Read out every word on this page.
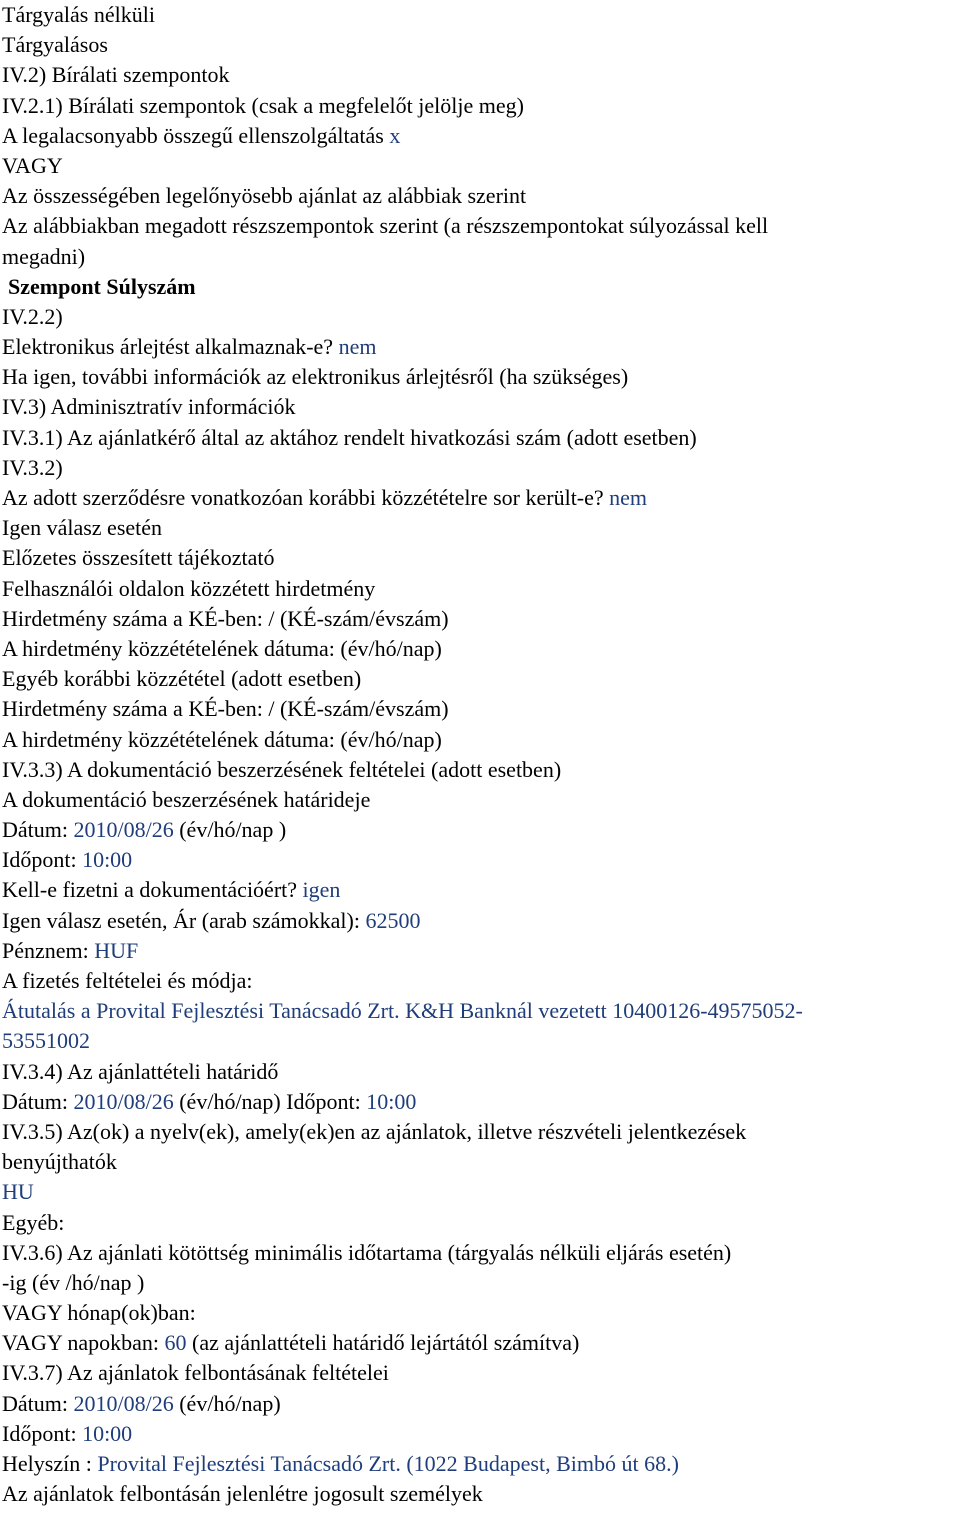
Tárgyalás nélküli
Tárgyalásos
IV.2) Bírálati szempontok
IV.2.1) Bírálati szempontok (csak a megfelelőt jelölje meg)
A legalacsonyabb összegű ellenszolgáltatás x
VAGY
Az összességében legelőnyösebb ajánlat az alábbiak szerint
Az alábbiakban megadott részszempontok szerint (a részszempontokat súlyozással kell
megadni)
Szempont Súlyszám
IV.2.2)
Elektronikus árlejtést alkalmaznak-e? nem
Ha igen, további információk az elektronikus árlejtésről (ha szükséges)
IV.3) Adminisztratív információk
IV.3.1) Az ajánlatkérő által az aktához rendelt hivatkozási szám (adott esetben)
IV.3.2)
Az adott szerződésre vonatkozóan korábbi közzétételre sor került-e? nem
Igen válasz esetén
Előzetes összesített tájékoztató
Felhasználói oldalon közzétett hirdetmény
Hirdetmény száma a KÉ-ben: / (KÉ-szám/évszám)
A hirdetmény közzétételének dátuma: (év/hó/nap)
Egyéb korábbi közzététel (adott esetben)
Hirdetmény száma a KÉ-ben: / (KÉ-szám/évszám)
A hirdetmény közzétételének dátuma: (év/hó/nap)
IV.3.3) A dokumentáció beszerzésének feltételei (adott esetben)
A dokumentáció beszerzésének határideje
Dátum: 2010/08/26 (év/hó/nap )
Időpont: 10:00
Kell-e fizetni a dokumentációért? igen
Igen válasz esetén, Ár (arab számokkal): 62500
Pénznem: HUF
A fizetés feltételei és módja:
Átutalás a Provital Fejlesztési Tanácsadó Zrt. K&H Banknál vezetett 10400126-49575052-
53551002
IV.3.4) Az ajánlattételi határidő
Dátum: 2010/08/26 (év/hó/nap) Időpont: 10:00
IV.3.5) Az(ok) a nyelv(ek), amely(ek)en az ajánlatok, illetve részvételi jelentkezések
benyújthatók
HU
Egyéb:
IV.3.6) Az ajánlati kötöttség minimális időtartama (tárgyalás nélküli eljárás esetén)
-ig (év /hó/nap )
VAGY hónap(ok)ban:
VAGY napokban: 60 (az ajánlattételi határidő lejártától számítva)
IV.3.7) Az ajánlatok felbontásának feltételei
Dátum: 2010/08/26 (év/hó/nap)
Időpont: 10:00
Helyszín : Provital Fejlesztési Tanácsadó Zrt. (1022 Budapest, Bimbó út 68.)
Az ajánlatok felbontásán jelenlétre jogosult személyek
